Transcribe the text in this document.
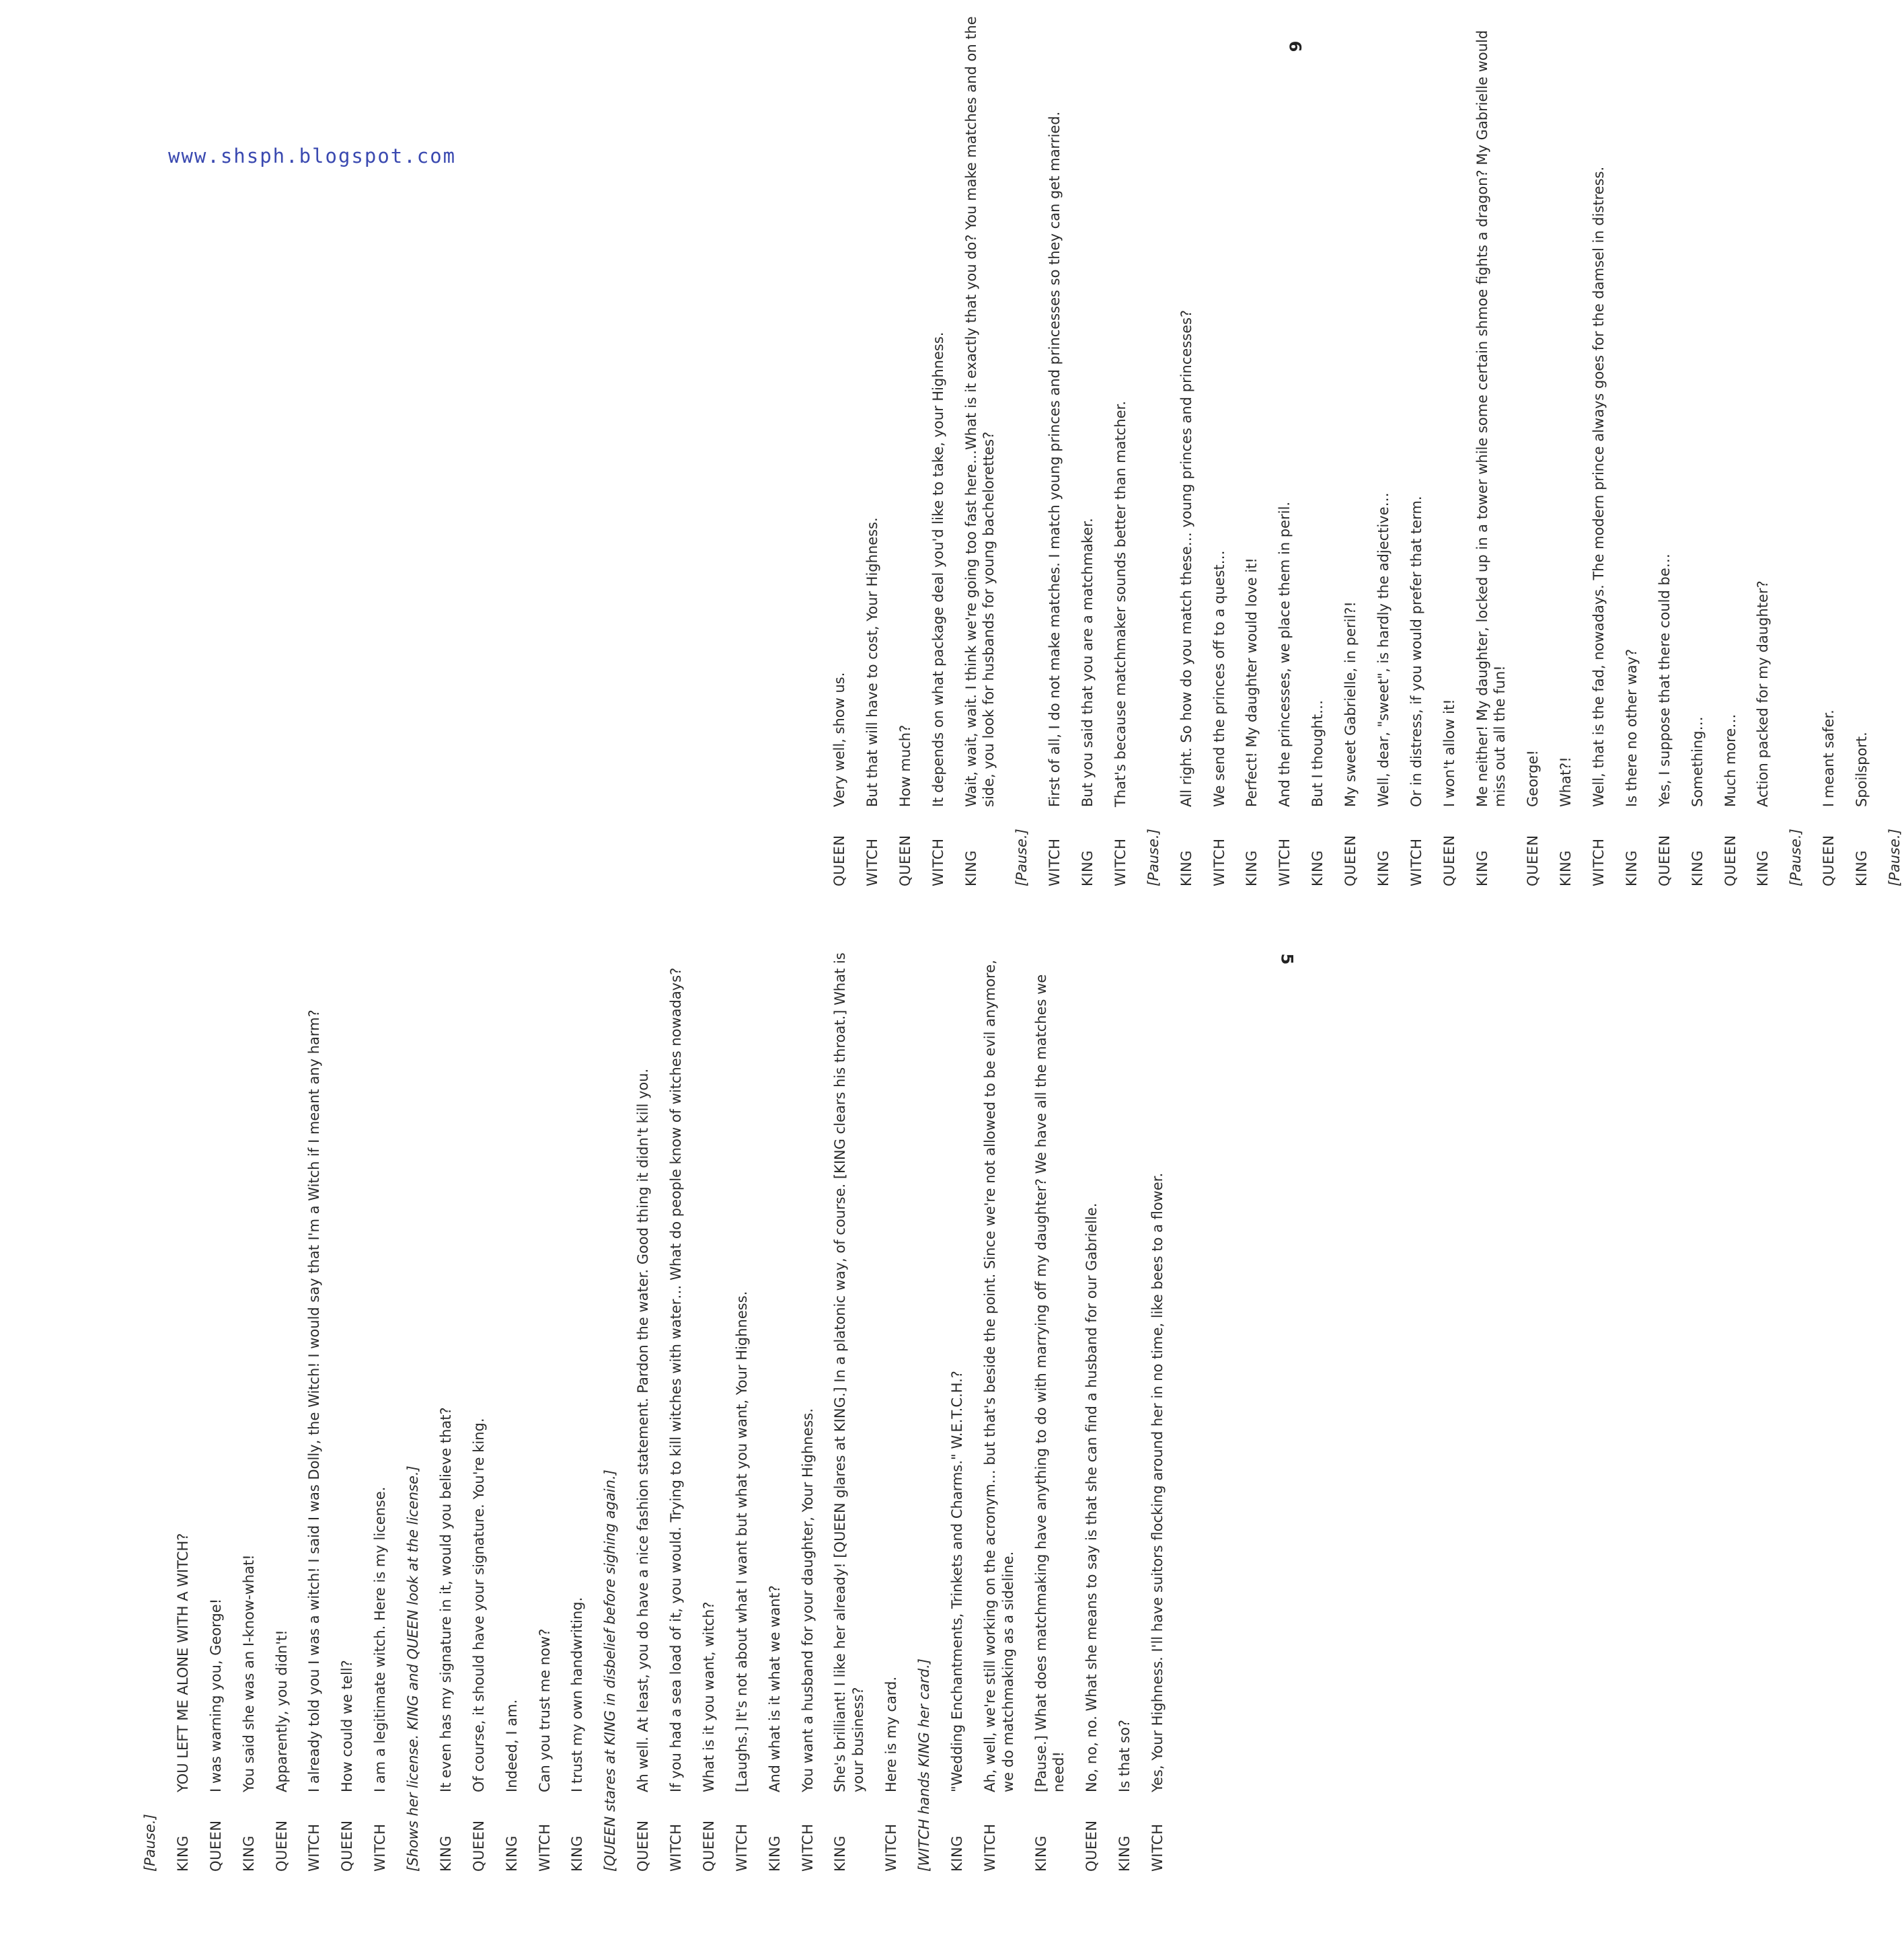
www.shsph.blogspot.com
[Pause.] KING
YOU LEFT ME ALONE WITH A WITCH?
QUEEN
I was warning you, George!
KING
You said she was an I-know-what!
QUEEN
Apparently, you didn't!
WITCH
I already told you I was a witch! I said I was Dolly, the Witch! I would say that I'm a Witch if I meant any harm?
QUEEN
How could we tell?
WITCH
I am a legitimate witch. Here is my license. [Shows her license. KING and QUEEN look at the license.] KING
It even has my signature in it, would you believe that?
QUEEN
Of course, it should have your signature. You're king.
KING
Indeed, I am.
WITCH
Can you trust me now?
KING
I trust my own handwriting. [QUEEN stares at KING in disbelief before sighing again.] QUEEN
Ah well. At least, you do have a nice fashion statement. Pardon the water. Good thing it didn't kill you.
WITCH
If you had a sea load of it, you would. Trying to kill witches with water… What do people know of witches nowadays?
QUEEN
What is it you want, witch?
WITCH
[Laughs.] It's not about what I want but what you want, Your Highness.
KING
And what is it what we want?
WITCH
You want a husband for your daughter, Your Highness.
KING
She's brilliant! I like her already! [QUEEN glares at KING.] In a platonic way, of course. [KING clears his throat.] What is your business?
WITCH
Here is my card. [WITCH hands KING her card.] KING
"Wedding Enchantments, Trinkets and Charms." W.E.T.C.H.?
WITCH
Ah, well, we're still working on the acronym… but that's beside the point. Since we're not allowed to be evil anymore, we do matchmaking as a sideline.
KING
[Pause.] What does matchmaking have anything to do with marrying off my daughter? We have all the matches we need!
QUEEN
No, no, no. What she means to say is that she can find a husband for our Gabrielle.
KING
Is that so?
WITCH
Yes, Your Highness. I'll have suitors flocking around her in no time, like bees to a flower.
QUEEN
Very well, show us.
WITCH
But that will have to cost, Your Highness.
QUEEN
How much?
WITCH
It depends on what package deal you'd like to take, your Highness.
KING
Wait, wait, wait. I think we're going too fast here…What is it exactly that you do? You make matches and on the side, you look for husbands for young bachelorettes?
[Pause.] WITCH
First of all, I do not make matches. I match young princes and princesses so they can get married.
KING
But you said that you are a matchmaker.
WITCH
That's because matchmaker sounds better than matcher.
[Pause.] KING
All right. So how do you match these… young princes and princesses?
WITCH
We send the princes off to a quest…
KING
Perfect! My daughter would love it!
WITCH
And the princesses, we place them in peril.
KING
But I thought…
QUEEN
My sweet Gabrielle, in peril?!
KING
Well, dear, "sweet", is hardly the adjective…
WITCH
Or in distress, if you would prefer that term.
QUEEN
I won't allow it!
KING
Me neither! My daughter, locked up in a tower while some certain shmoe fights a dragon? My Gabrielle would miss out all the fun!
QUEEN
George!
KING
What?!
WITCH
Well, that is the fad, nowadays. The modern prince always goes for the damsel in distress.
KING
Is there no other way?
QUEEN
Yes, I suppose that there could be…
KING
Something…
QUEEN
Much more…
KING
Action packed for my daughter?
[Pause.] QUEEN
I meant safer.
KING
Spoilsport.
[Pause.]
5
6
